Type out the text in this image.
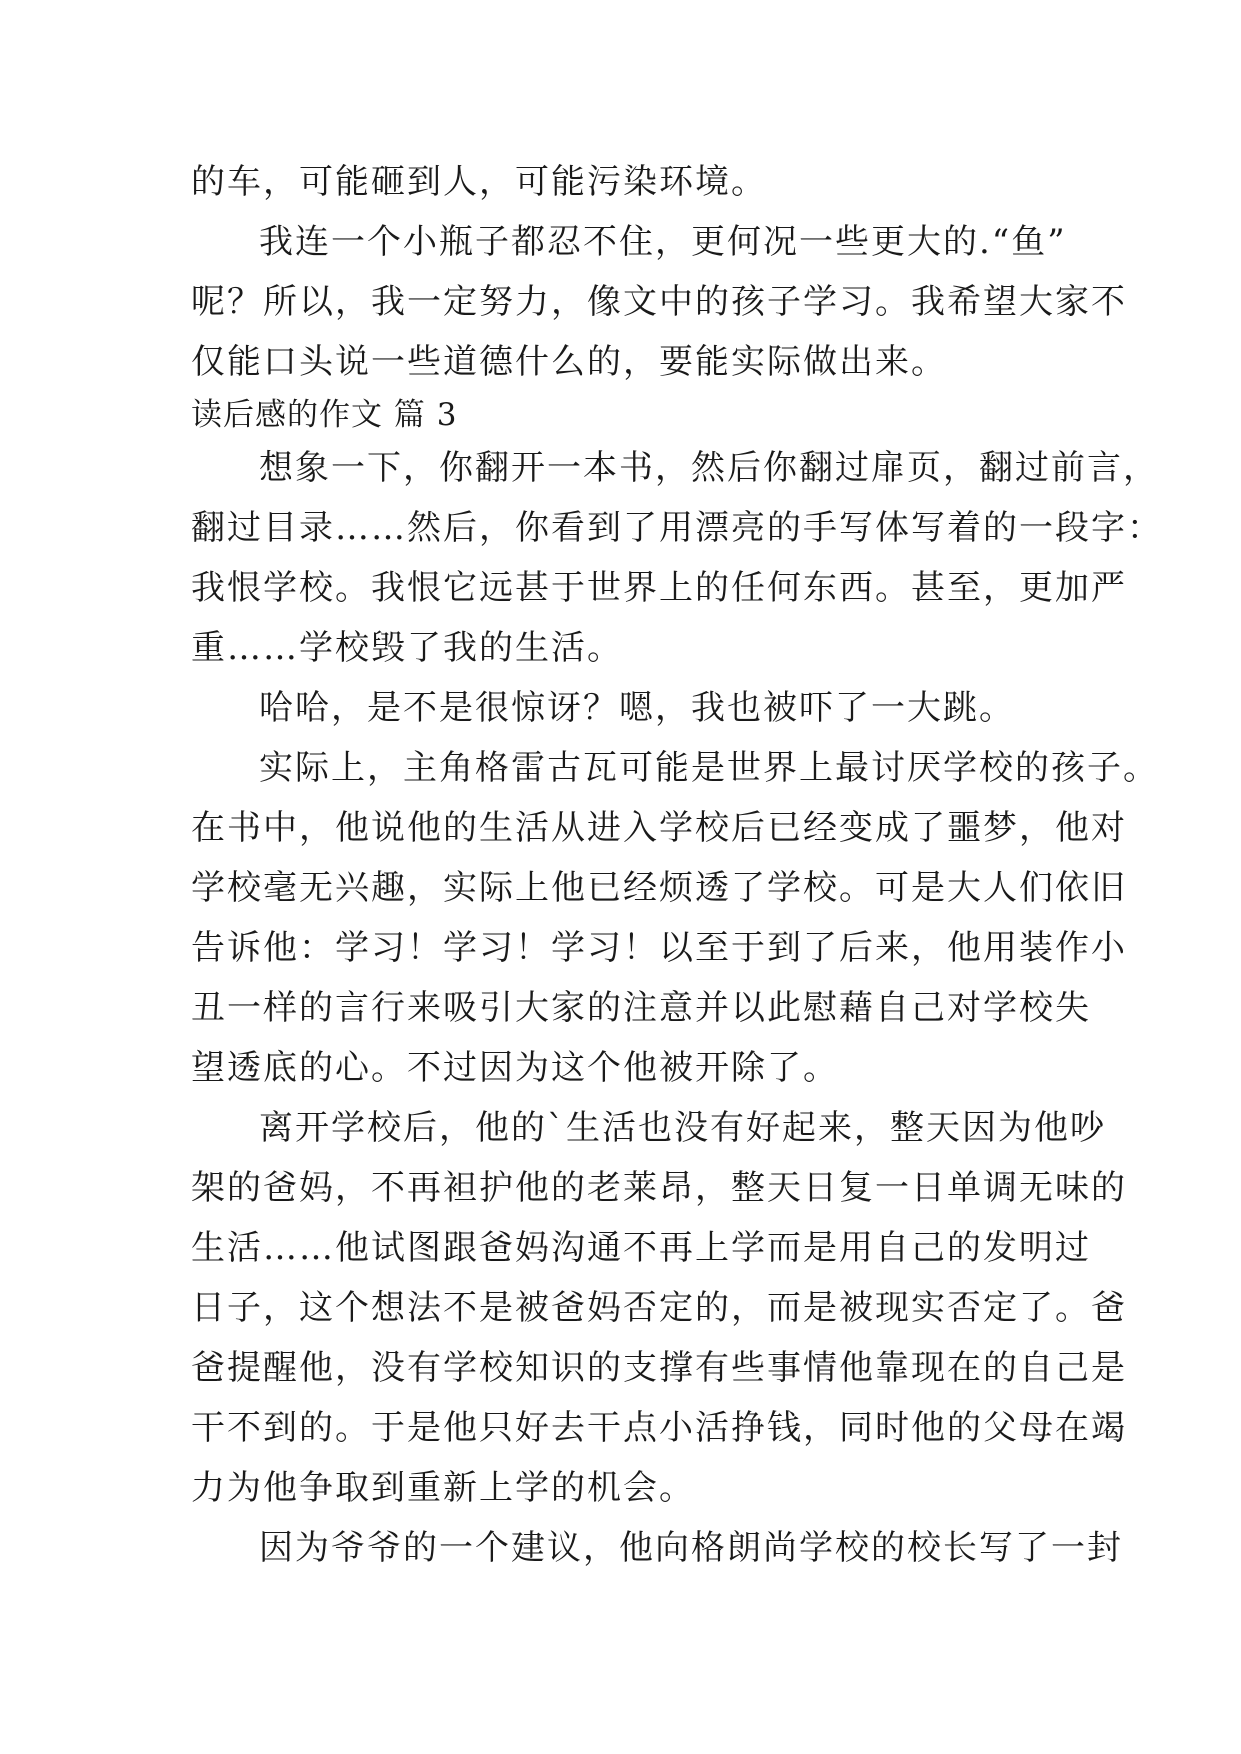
的车，可能砸到人，可能污染环境。
我连一个小瓶子都忍不住，更何况一些更大的.“鱼”
呢？所以，我一定努力，像文中的孩子学习。我希望大家不
仅能口头说一些道德什么的，要能实际做出来。
读后感的作文 篇 3
想象一下，你翻开一本书，然后你翻过扉页，翻过前言，
翻过目录……然后，你看到了用漂亮的手写体写着的一段字：
我恨学校。我恨它远甚于世界上的任何东西。甚至，更加严
重……学校毁了我的生活。
哈哈，是不是很惊讶？嗯，我也被吓了一大跳。
实际上，主角格雷古瓦可能是世界上最讨厌学校的孩子。
在书中，他说他的生活从进入学校后已经变成了噩梦，他对
学校毫无兴趣，实际上他已经烦透了学校。可是大人们依旧
告诉他：学习！学习！学习！以至于到了后来，他用装作小
丑一样的言行来吸引大家的注意并以此慰藉自己对学校失
望透底的心。不过因为这个他被开除了。
离开学校后，他的`生活也没有好起来，整天因为他吵
架的爸妈，不再袒护他的老莱昂，整天日复一日单调无味的
生活……他试图跟爸妈沟通不再上学而是用自己的发明过
日子，这个想法不是被爸妈否定的，而是被现实否定了。爸
爸提醒他，没有学校知识的支撑有些事情他靠现在的自己是
干不到的。于是他只好去干点小活挣钱，同时他的父母在竭
力为他争取到重新上学的机会。
因为爷爷的一个建议，他向格朗尚学校的校长写了一封
